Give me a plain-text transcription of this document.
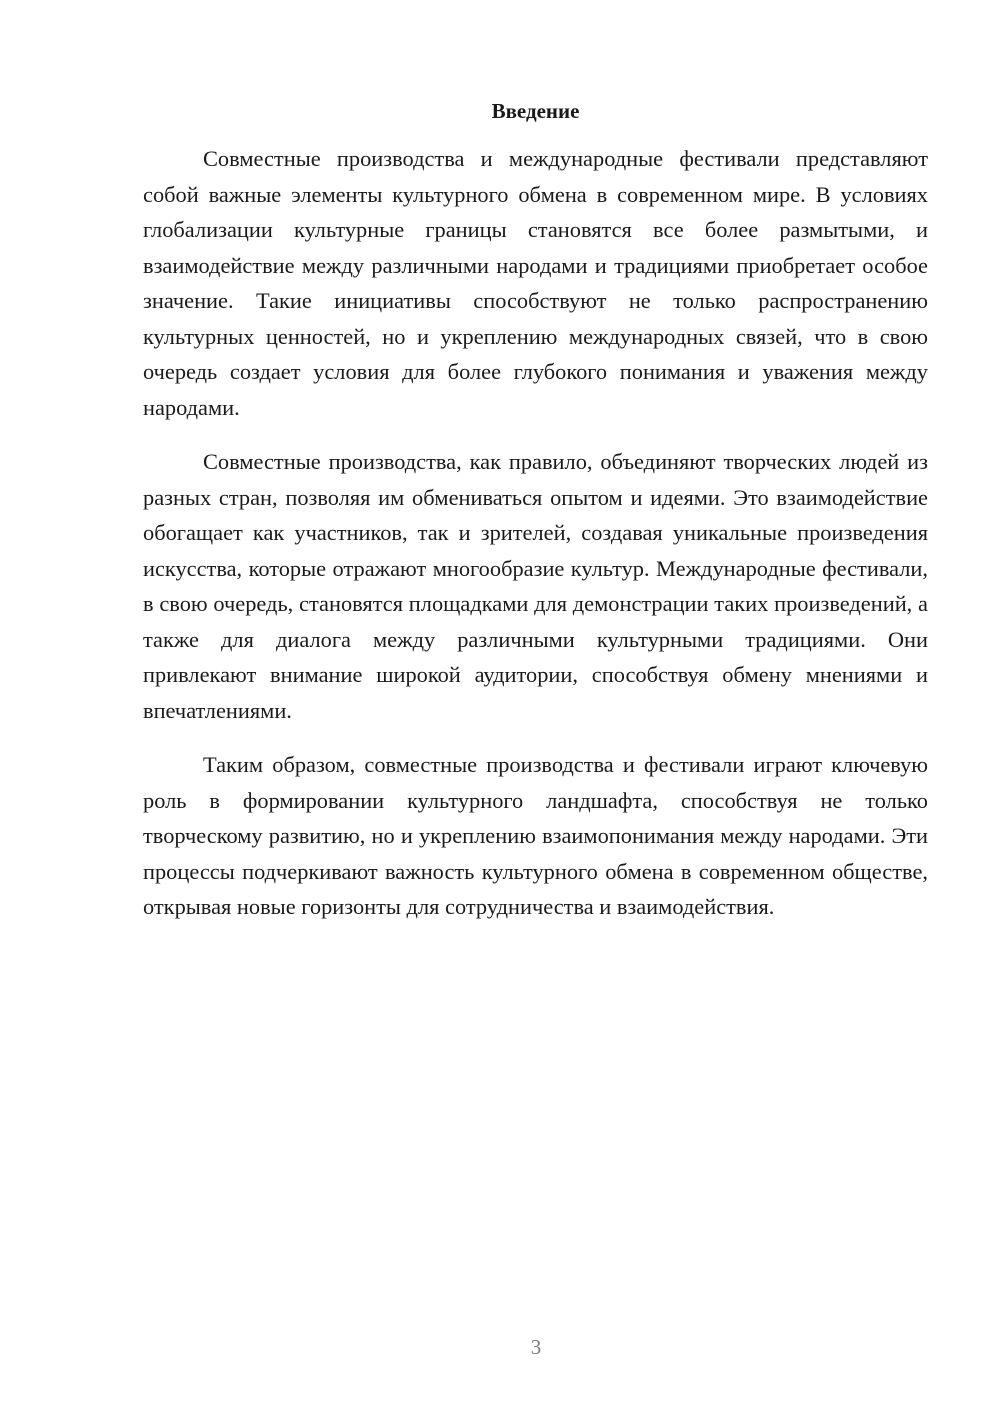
Введение

Совместные производства и международные фестивали представляют собой важные элементы культурного обмена в современном мире. В условиях глобализации культурные границы становятся все более размытыми, и взаимодействие между различными народами и традициями приобретает особое значение. Такие инициативы способствуют не только распространению культурных ценностей, но и укреплению международных связей, что в свою очередь создает условия для более глубокого понимания и уважения между народами.

Совместные производства, как правило, объединяют творческих людей из разных стран, позволяя им обмениваться опытом и идеями. Это взаимодействие обогащает как участников, так и зрителей, создавая уникальные произведения искусства, которые отражают многообразие культур. Международные фестивали, в свою очередь, становятся площадками для демонстрации таких произведений, а также для диалога между различными культурными традициями. Они привлекают внимание широкой аудитории, способствуя обмену мнениями и впечатлениями.

Таким образом, совместные производства и фестивали играют ключевую роль в формировании культурного ландшафта, способствуя не только творческому развитию, но и укреплению взаимопонимания между народами. Эти процессы подчеркивают важность культурного обмена в современном обществе, открывая новые горизонты для сотрудничества и взаимодействия.

3
